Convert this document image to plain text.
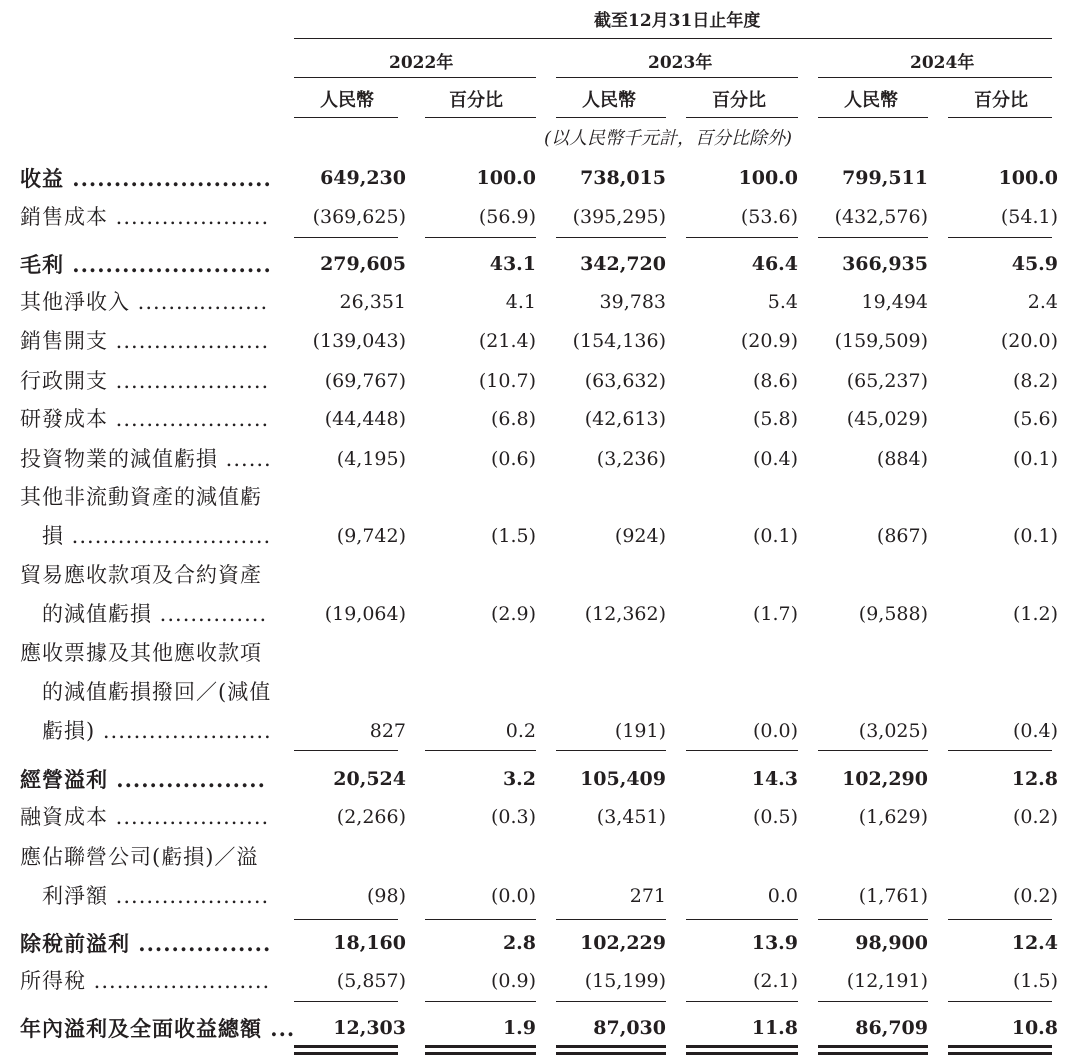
截至12月31日止年度
2022年	2023年	2024年
人民幣	百分比	人民幣	百分比	人民幣	百分比
(以人民幣千元計，百分比除外)
收益 ........................	649,230	100.0 738,015	100.0 799,511	100.0
銷售成本 .................... (369,625)	(56.9) (395,295)	(53.6) (432,576)	(54.1)
毛利 ........................	279,605	43.1 342,720	46.4 366,935	45.9
其他淨收入 .................	26,351	4.1	39,783	5.4	19,494	2.4
銷售開支 .................... (139,043)	(21.4) (154,136)	(20.9) (159,509)	(20.0)
行政開支 ....................	(69,767)	(10.7)	(63,632)	(8.6)	(65,237)	(8.2)
研發成本 ....................	(44,448)	(6.8)	(42,613)	(5.8)	(45,029)	(5.6)
投資物業的減值虧損 ......	(4,195)	(0.6)	(3,236)	(0.4)	(884)	(0.1)
其他非流動資產的減值虧
損 ..........................	(9,742)	(1.5)	(924)	(0.1)	(867)	(0.1)
貿易應收款項及合約資產
的減值虧損 ..............	(19,064)	(2.9)	(12,362)	(1.7)	(9,588)	(1.2)
應收票據及其他應收款項
的減值虧損撥回／(減值
虧損) ......................	827	0.2	(191)	(0.0)	(3,025)	(0.4)
經營溢利 ..................	20,524	3.2 105,409	14.3 102,290	12.8
融資成本 ....................	(2,266)	(0.3)	(3,451)	(0.5)	(1,629)	(0.2)
應佔聯營公司(虧損)／溢
利淨額 ....................	(98)	(0.0)	271	0.0	(1,761)	(0.2)
除稅前溢利 ................	18,160	2.8 102,229	13.9	98,900	12.4
所得稅 .......................	(5,857)	(0.9)	(15,199)	(2.1)	(12,191)	(1.5)
年內溢利及全面收益總額 ... 12,303	1.9	87,030	11.8	86,709	10.8
